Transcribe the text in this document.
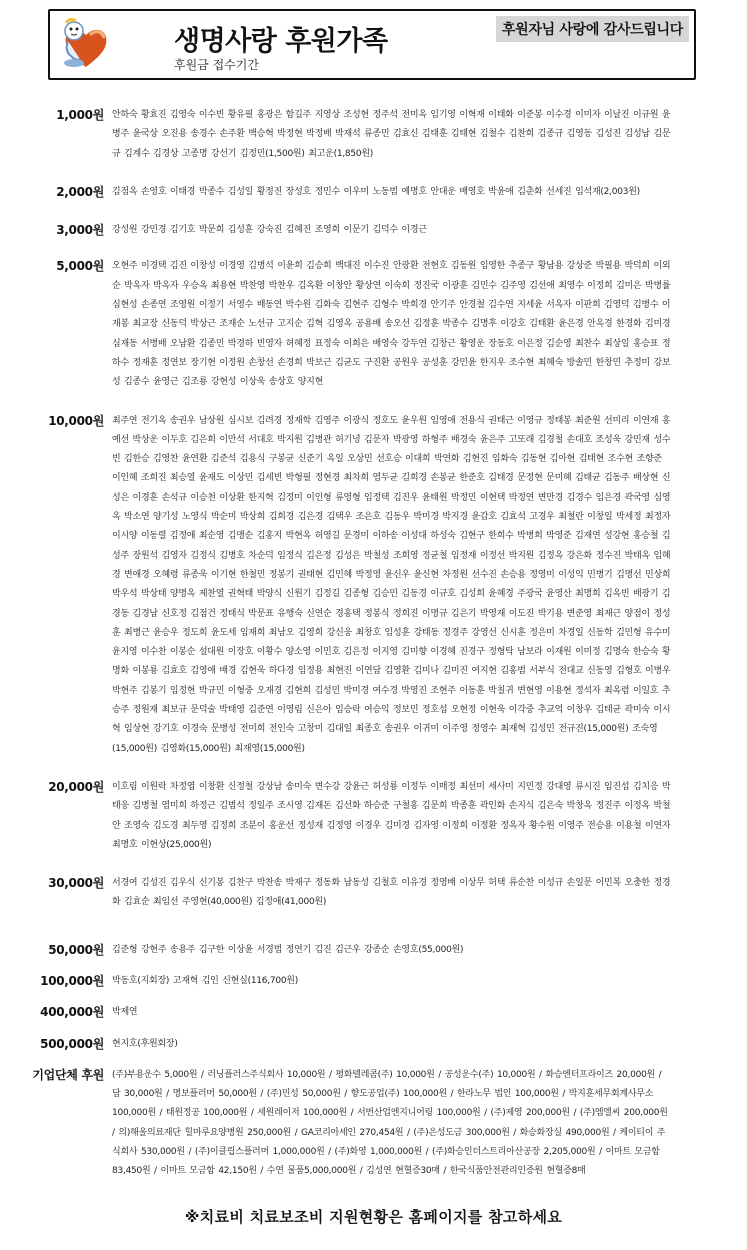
생명사랑 후원가족
후원금 접수기간
후원자님 사랑에 감사드립니다
1,000원 안하숙 황효진 김영숙 이수빈 황유필 홍광은 함길주 지영상 조성현 정주석 전미옥 임기영 이혁재 이태화 이준봉 이수경 이미자 이날진 이규원 윤병주 윤국상 오진용 송경수 손주환 백승혁 박정현 박정배 박재석 류종민 김효신 김태훈 김태현 김철수 김찬희 김종규 김영동 김성진 김성남 김문규 김계수 김경상 고종명 강선기 김정민(1,500원) 최고운(1,850원)
2,000원 김점옥 손영호 이태경 박종수 김성일 황정진 장성호 정민수 이우미 노동범 예명호 안대운 배영호 박윤애 김춘화 선세진 임석재(2,003원)
3,000원 강성원 강민경 김기호 박문희 김성훈 강숙진 김혜진 조영희 이문기 김덕수 이경근
5,000원 오현주 이경택 김진 이창성 이경영 김병석 이윤희 김승희 백대진 이수진 안광환 전현호 김동원 임영한 추종구 황남용 강상준 박필용 박덕희 이외순 박옥자 박옥자 우승옥 최용현 박찬영 박찬우 김옥환 이창안 황상연 이숙희 정진국 이광훈 김민수 김주영 김선애 최영수 이정희 김미은 박병률 심현성 손종연 조영원 이정기 서영수 배동연 박수원 김화숙 김현주 김형수 박희경 안기주 안경철 김수연 지세윤 서옥자 이판희 김영덕 김병수 이재봉 최교장 신동덕 박상근 조재순 노선규 고지순 김혁 김영옥 공용배 송오선 김정훈 박종수 김명후 이강호 김태환 윤은경 안옥경 한경화 김미경 심재동 서병배 오남환 김종민 박경하 빈영자 허혜정 표정숙 이희은 배영숙 강두연 김창근 황영운 장동호 이은정 김순영 최찬수 최상일 홍승표 정하수 정재훈 정연보 장기현 이정원 손창선 손경희 박보근 김균도 구진환 공원우 공성훈 강민윤 한지우 조수현 최혜숙 방솔민 한창민 추정미 강보성 김종수 윤영근 김조룡 강현성 이상욱 송상호 양지현
10,000원 최주연 전기옥 송권우 남상원 심시보 김려경 정재학 김영주 이광식 정호도 윤우원 임영애 전용식 권태근 이영규 정태봉 최준원 선미리 이연재 홍예선 박상운 이두호 김은희 이만석 서대호 박지원 김병관 허기녕 김문자 박광영 하형주 배경숙 윤은주 고또래 김경철 손대호 조성욱 강민재 성수빈 김한승 김영찬 윤연환 김준석 김용식 구봉균 신준기 옥일 오상민 선호승 이대희 박연화 김현진 임화숙 김동현 김아현 김태현 조수현 조향준 이인혜 조희진 최승열 윤재도 이상민 김세빈 박형필 정현경 최차희 염두균 김희경 손봉균 한준호 김태경 문정현 문미혜 김태균 김동주 배상현 신성은 이경훈 손석규 이승천 이상환 한지혁 김정미 이인형 류영형 임정택 김진우 윤태원 박정민 이현택 박정연 변만경 김경수 임은경 곽국영 심영옥 박소연 양기성 노영식 박순미 박상희 김희경 김은경 김택우 조은호 김동우 박미경 박지경 윤갑호 김효석 고경우 최철란 이창일 박세정 최정자 이시양 이동렬 김정애 최순영 김맹순 김홍지 박현옥 허영길 문경미 이하송 이성대 하성숙 김현구 한희수 박병희 박영준 김재연 성강현 홍승철 김성주 장원석 김영자 김정식 김병호 차순덕 임정식 김은정 김성은 박철성 조희영 정균철 임정재 이정선 박지원 김정옥 강은화 정수진 박태옥 임혜경 변애경 오혜령 류종욱 이기현 한철민 정봉기 권태현 김민혜 박정영 윤신우 윤신현 차정원 선수진 손승용 정영미 이성익 민병기 김명선 민상희 박우석 박상태 양명옥 제찬열 권혁태 박양식 신원기 김정길 김종형 김승민 김동경 이규호 김성희 윤혜경 주광국 윤영산 최명희 김옥빈 배광기 김경동 김경남 신호정 김점건 정태식 박문표 유행숙 신연순 경홍택 정봉식 정희진 이명규 김은기 박영재 이도진 박기용 변준영 최재근 양점이 정성훈 최병근 윤승우 정도희 윤도세 임재희 최남오 김영희 강신웅 최창호 임성훈 강태동 정경주 강영선 신시훈 정은미 차경일 신동학 김민형 유수미 윤지영 이수찬 이봉순 설대원 이장호 이황수 양소영 이민호 김은정 이지영 김미향 이경혜 진경구 정형탁 남보라 이재원 이미정 김명숙 한승숙 황명화 이봉룡 김효호 김영애 배경 김현욱 하다경 임정용 최현진 이연담 김영환 김미나 김미진 여지현 김홍범 서부식 전대교 신동영 김형호 이병우 박현주 김봉기 임정현 박규민 이형중 오재경 김현희 김성민 박미경 여수경 박영진 조현주 이동훈 박칠귀 변현영 이용현 정석자 최옥렴 이일호 추승주 정원재 최보규 문덕술 박태영 김준연 이영림 신은아 임승락 여승익 정보민 정호섭 오현정 이현욱 이각중 추교억 이창우 김태균 곽미숙 이시혁 임상현 강기호 이경숙 문병성 전미희 전인숙 고창미 김대일 최종호 송권우 이귀미 이주영 정영수 최재혁 김성민 전규진(15,000원) 조숙영(15,000원) 김영화(15,000원) 최재영(15,000원)
20,000원 이호림 이원락 차정엽 이창환 신정철 강상남 송미숙 변수강 강윤근 허성룡 이정두 이매정 최선미 세사미 지민정 강대영 류시진 임진섭 김치응 박태웅 김병철 염미희 하정근 김범석 정일주 조시영 김재돈 김선화 하승준 구철홍 김문희 박종훈 곽인화 손지식 김은숙 박창옥 정진주 이정옥 박철안 조영숙 김도경 최두영 김정희 조분이 홍운선 정성재 김정영 이경우 김미경 김자영 이정희 이정환 정옥자 황수원 이영주 전승용 이용철 이연자 최명호 이현상(25,000원)
30,000원 서경여 김성진 김우식 신기봉 김찬구 박찬송 박재구 정동화 남동성 김철호 이유경 정영배 이상무 허택 류순찬 이성규 손일문 이민복 오충한 정경화 김효순 최임선 주영현(40,000원) 김정애(41,000원)
50,000원 김준형 강현주 송용주 김구한 이상윤 서경범 정연기 김진 김근우 강종순 손영호(55,000원)
100,000원 박동호(지회장) 고재혁 김인 신현실(116,700원)
400,000원 박제연
500,000원 현지호(후원회장)
기업단체 후원 (주)부용운수 5,000원 / 러닝플러스주식회사 10,000원 / 평화텔레콤(주) 10,000원 / 공성운수(주) 10,000원 / 화승엔터프라이즈 20,000원 / 담 30,000원 / 명보플러머 50,000원 / (주)민성 50,000원 / 향도공업(주) 100,000원 / 한라노무 법인 100,000원 / 박지훈세무회계사무소 100,000원 / 태원정공 100,000원 / 세원레이저 100,000원 / 서번산업엔지니어링 100,000원 / (주)제영 200,000원 / (주)엠엘씨 200,000원 / 의)해올의료재단 힐마루요양병원 250,000원 / GA코리아세인 270,454원 / (주)은성도금 300,000원 / 화승화장실 490,000원 / 케이티이 주식회사 530,000원 / (주)이클립스플러머 1,000,000원 / (주)화영 1,000,000원 / (주)화승인더스트리아산공장 2,205,000원 / 이마트 모금함 83,450원 / 이마트 모금함 42,150원 / 수연 물품5,000,000원 / 김성연 현혈증30매 / 한국식품안전관리인증원 현혈증8매
※치료비 치료보조비 지원현황은 홈페이지를 참고하세요
